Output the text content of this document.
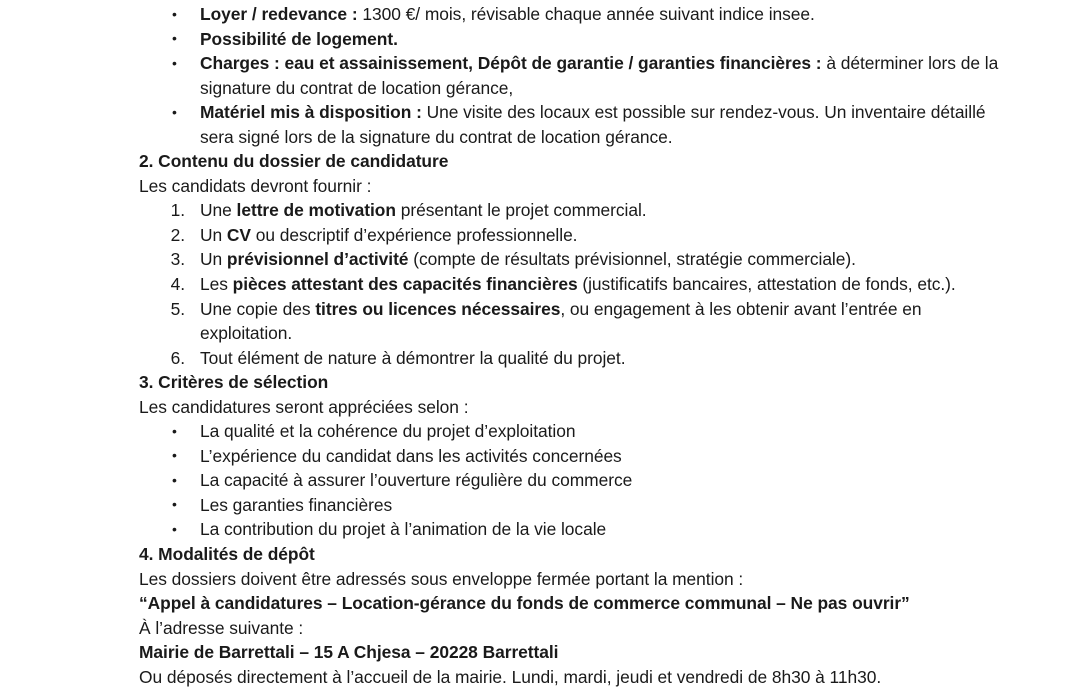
• Loyer / redevance : 1300 €/ mois, révisable chaque année suivant indice insee.
• Possibilité de logement.
• Charges : eau et assainissement, Dépôt de garantie / garanties financières : à déterminer lors de la signature du contrat de location gérance,
• Matériel mis à disposition : Une visite des locaux est possible sur rendez-vous. Un inventaire détaillé sera signé lors de la signature du contrat de location gérance.
2. Contenu du dossier de candidature
Les candidats devront fournir :
Une lettre de motivation présentant le projet commercial.
Un CV ou descriptif d’expérience professionnelle.
Un prévisionnel d’activité (compte de résultats prévisionnel, stratégie commerciale).
Les pièces attestant des capacités financières (justificatifs bancaires, attestation de fonds, etc.).
Une copie des titres ou licences nécessaires, ou engagement à les obtenir avant l’entrée en exploitation.
Tout élément de nature à démontrer la qualité du projet.
3. Critères de sélection
Les candidatures seront appréciées selon :
• La qualité et la cohérence du projet d’exploitation
• L’expérience du candidat dans les activités concernées
• La capacité à assurer l’ouverture régulière du commerce
• Les garanties financières
• La contribution du projet à l’animation de la vie locale
4. Modalités de dépôt
Les dossiers doivent être adressés sous enveloppe fermée portant la mention :
“Appel à candidatures – Location-gérance du fonds de commerce communal – Ne pas ouvrir”
À l’adresse suivante :
Mairie de Barrettali – 15 A Chjesa – 20228 Barrettali
Ou déposés directement à l’accueil de la mairie. Lundi, mardi, jeudi et vendredi de 8h30 à 11h30.
